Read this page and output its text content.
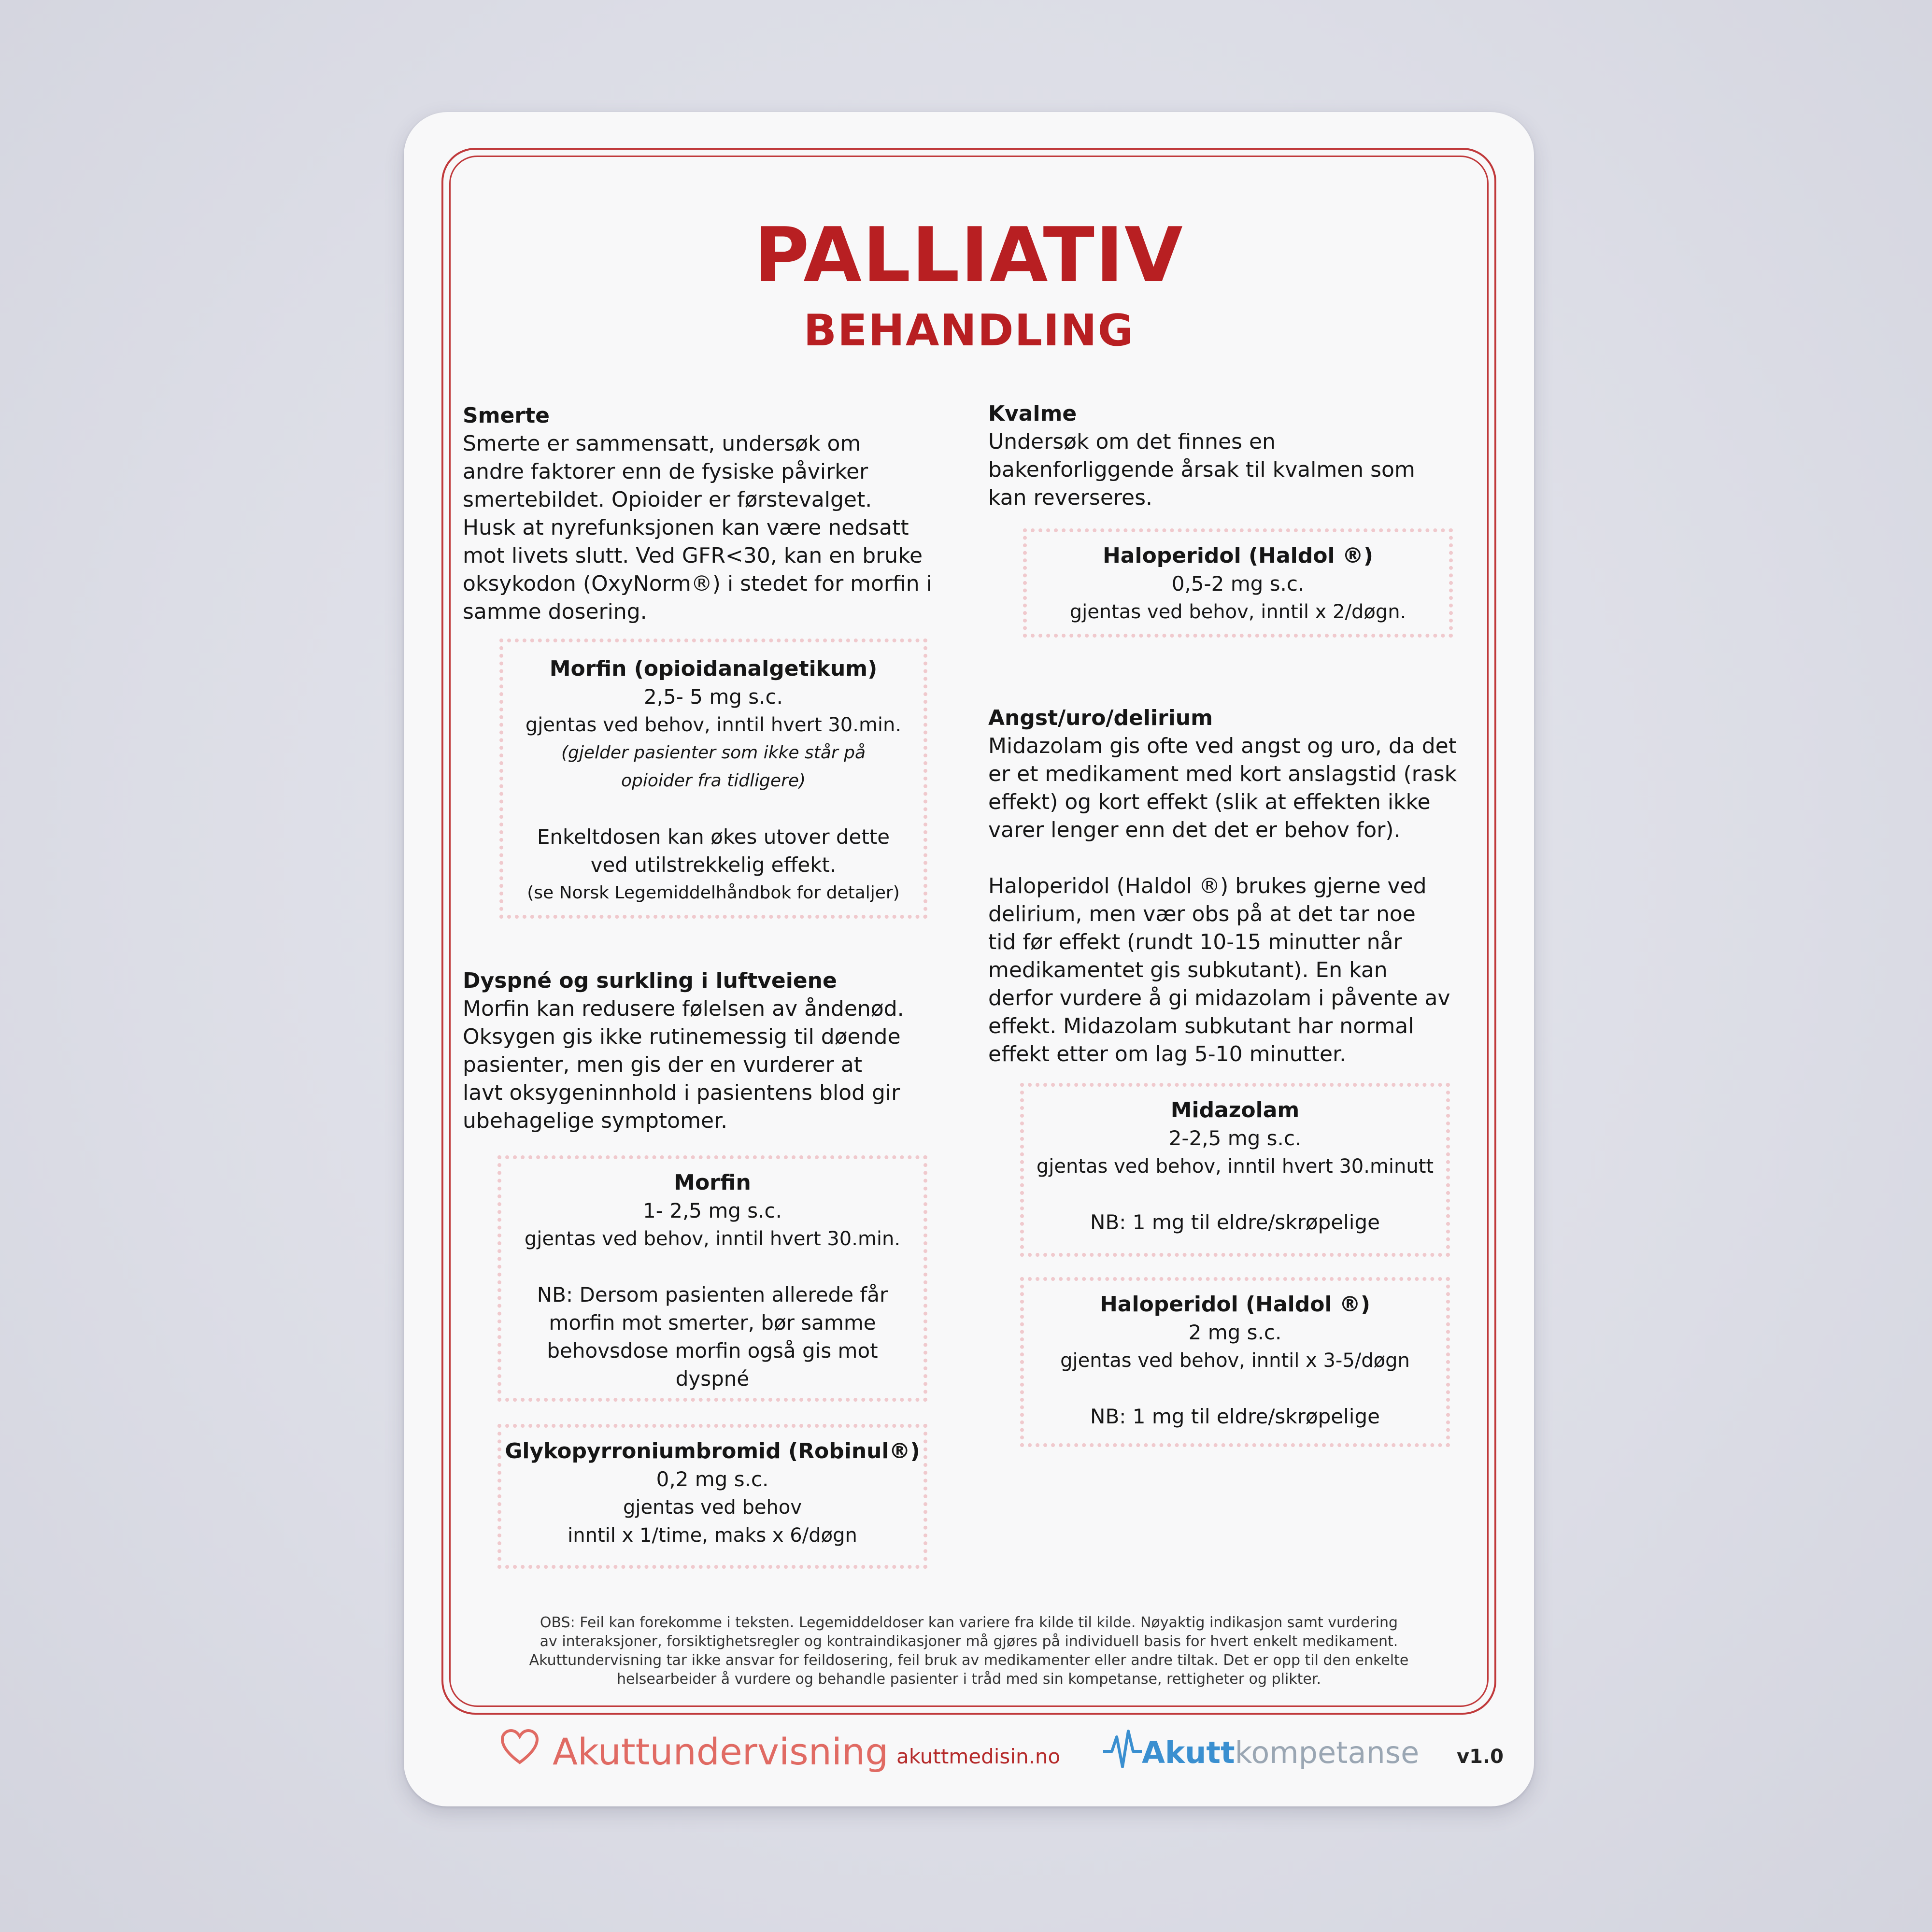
PALLIATIV
BEHANDLING
Smerte

Smerte er sammensatt, undersøk om
andre faktorer enn de fysiske påvirker
smertebildet. Opioider er førstevalget.
Husk at nyrefunksjonen kan være nedsatt
mot livets slutt. Ved GFR<30, kan en bruke
oksykodon (OxyNorm®) i stedet for morfin i
samme dosering.

Morfin (opioidanalgetikum)
2,5- 5 mg s.c.
gjentas ved behov, inntil hvert 30.min.
(gjelder pasienter som ikke står på
opioider fra tidligere)
Enkeltdosen kan økes utover dette
ved utilstrekkelig effekt.
(se Norsk Legemiddelhåndbok for detaljer)
Dyspné og surkling i luftveiene

Morfin kan redusere følelsen av åndenød.
Oksygen gis ikke rutinemessig til døende
pasienter, men gis der en vurderer at
lavt oksygeninnhold i pasientens blod gir
ubehagelige symptomer.

Morfin
1- 2,5 mg s.c.
gjentas ved behov, inntil hvert 30.min.
NB: Dersom pasienten allerede får
morfin mot smerter, bør samme
behovsdose morfin også gis mot
dyspné
Glykopyrroniumbromid (Robinul®)
0,2 mg s.c.
gjentas ved behov
inntil x 1/time, maks x 6/døgn
Kvalme

Undersøk om det finnes en
bakenforliggende årsak til kvalmen som
kan reverseres.

Haloperidol (Haldol ®)
0,5-2 mg s.c.
gjentas ved behov, inntil x 2/døgn.
Angst/uro/delirium

Midazolam gis ofte ved angst og uro, da det
er et medikament med kort anslagstid (rask
effekt) og kort effekt (slik at effekten ikke
varer lenger enn det det er behov for).

Haloperidol (Haldol ®) brukes gjerne ved
delirium, men vær obs på at det tar noe
tid før effekt (rundt 10-15 minutter når
medikamentet gis subkutant). En kan
derfor vurdere å gi midazolam i påvente av
effekt. Midazolam subkutant har normal
effekt etter om lag 5-10 minutter.

Midazolam
2-2,5 mg s.c.
gjentas ved behov, inntil hvert 30.minutt
NB: 1 mg til eldre/skrøpelige
Haloperidol (Haldol ®)
2 mg s.c.
gjentas ved behov, inntil x 3-5/døgn
NB: 1 mg til eldre/skrøpelige

OBS: Feil kan forekomme i teksten. Legemiddeldoser kan variere fra kilde til kilde. Nøyaktig indikasjon samt vurdering
av interaksjoner, forsiktighetsregler og kontraindikasjoner må gjøres på individuell basis for hvert enkelt medikament.
Akuttundervisning tar ikke ansvar for feildosering, feil bruk av medikamenter eller andre tiltak. Det er opp til den enkelte
helsearbeider å vurdere og behandle pasienter i tråd med sin kompetanse, rettigheter og plikter.

Akuttundervisning akuttmedisin.no	Akutt kompetanse v1.0
